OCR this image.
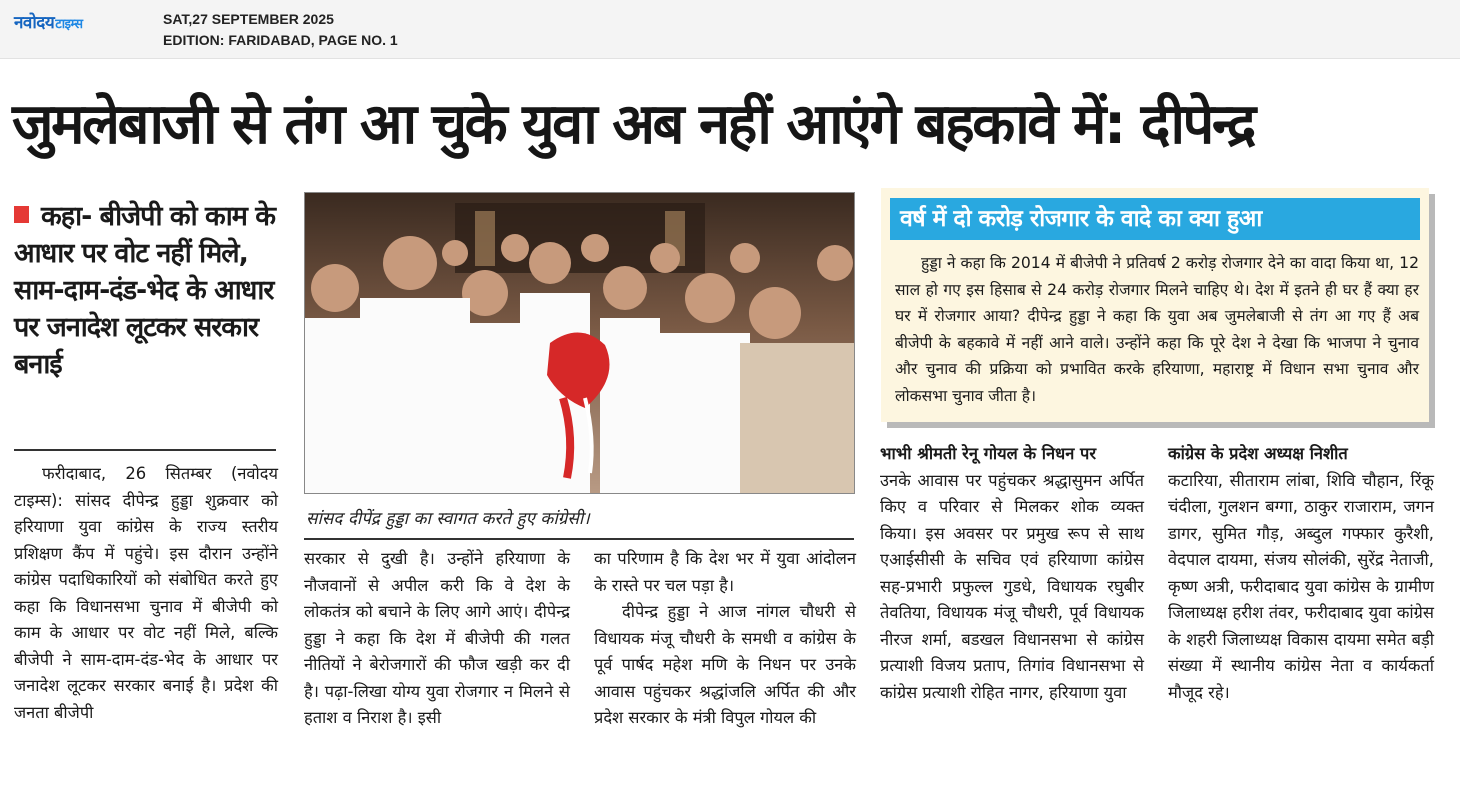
नवोदयटाइम्स	SAT,27 SEPTEMBER 2025
EDITION: FARIDABAD, PAGE NO. 1
जुमलेबाजी से तंग आ चुके युवा अब नहीं आएंगे बहकावे में: दीपेन्द्र
कहा- बीजेपी को काम के आधार पर वोट नहीं मिले, साम-दाम-दंड-भेद के आधार पर जनादेश लूटकर सरकार बनाई
सांसद दीपेंद्र हुड्डा का स्वागत करते हुए कांग्रेसी।

फरीदाबाद, 26 सितम्बर (नवोदय टाइम्स): सांसद दीपेन्द्र हुड्डा शुक्रवार को हरियाणा युवा कांग्रेस के राज्य स्तरीय प्रशिक्षण कैंप में पहुंचे। इस दौरान उन्होंने कांग्रेस पदाधिकारियों को संबोधित करते हुए कहा कि विधानसभा चुनाव में बीजेपी को काम के आधार पर वोट नहीं मिले, बल्कि बीजेपी ने साम-दाम-दंड-भेद के आधार पर जनादेश लूटकर सरकार बनाई है। प्रदेश की जनता बीजेपी

सरकार से दुखी है। उन्होंने हरियाणा के नौजवानों से अपील करी कि वे देश के लोकतंत्र को बचाने के लिए आगे आएं। दीपेन्द्र हुड्डा ने कहा कि देश में बीजेपी की गलत नीतियों ने बेरोजगारों की फौज खड़ी कर दी है। पढ़ा-लिखा योग्य युवा रोजगार न मिलने से हताश व निराश है। इसी

का परिणाम है कि देश भर में युवा आंदोलन के रास्ते पर चल पड़ा है।

दीपेन्द्र हुड्डा ने आज नांगल चौधरी से विधायक मंजू चौधरी के समधी व कांग्रेस के पूर्व पार्षद महेश मणि के निधन पर उनके आवास पहुंचकर श्रद्धांजलि अर्पित की और प्रदेश सरकार के मंत्री विपुल गोयल की

भाभी श्रीमती रेनू गोयल के निधन पर

उनके आवास पर पहुंचकर श्रद्धासुमन अर्पित किए व परिवार से मिलकर शोक व्यक्त किया। इस अवसर पर प्रमुख रूप से साथ एआईसीसी के सचिव एवं हरियाणा कांग्रेस सह-प्रभारी प्रफुल्ल गुडधे, विधायक रघुबीर तेवतिया, विधायक मंजू चौधरी, पूर्व विधायक नीरज शर्मा, बडखल विधानसभा से कांग्रेस प्रत्याशी विजय प्रताप, तिगांव विधानसभा से कांग्रेस प्रत्याशी रोहित नागर, हरियाणा युवा

कांग्रेस के प्रदेश अध्यक्ष निशीत

कटारिया, सीताराम लांबा, शिवि चौहान, रिंकू चंदीला, गुलशन बग्गा, ठाकुर राजाराम, जगन डागर, सुमित गौड़, अब्दुल गफ्फार कुरैशी, वेदपाल दायमा, संजय सोलंकी, सुरेंद्र नेताजी, कृष्ण अत्री, फरीदाबाद युवा कांग्रेस के ग्रामीण जिलाध्यक्ष हरीश तंवर, फरीदाबाद युवा कांग्रेस के शहरी जिलाध्यक्ष विकास दायमा समेत बड़ी संख्या में स्थानीय कांग्रेस नेता व कार्यकर्ता मौजूद रहे।

वर्ष में दो करोड़ रोजगार के वादे का क्या हुआ

हुड्डा ने कहा कि 2014 में बीजेपी ने प्रतिवर्ष 2 करोड़ रोजगार देने का वादा किया था, 12 साल हो गए इस हिसाब से 24 करोड़ रोजगार मिलने चाहिए थे। देश में इतने ही घर हैं क्या हर घर में रोजगार आया? दीपेन्द्र हुड्डा ने कहा कि युवा अब जुमलेबाजी से तंग आ गए हैं अब बीजेपी के बहकावे में नहीं आने वाले। उन्होंने कहा कि पूरे देश ने देखा कि भाजपा ने चुनाव और चुनाव की प्रक्रिया को प्रभावित करके हरियाणा, महाराष्ट्र में विधान सभा चुनाव और लोकसभा चुनाव जीता है।
